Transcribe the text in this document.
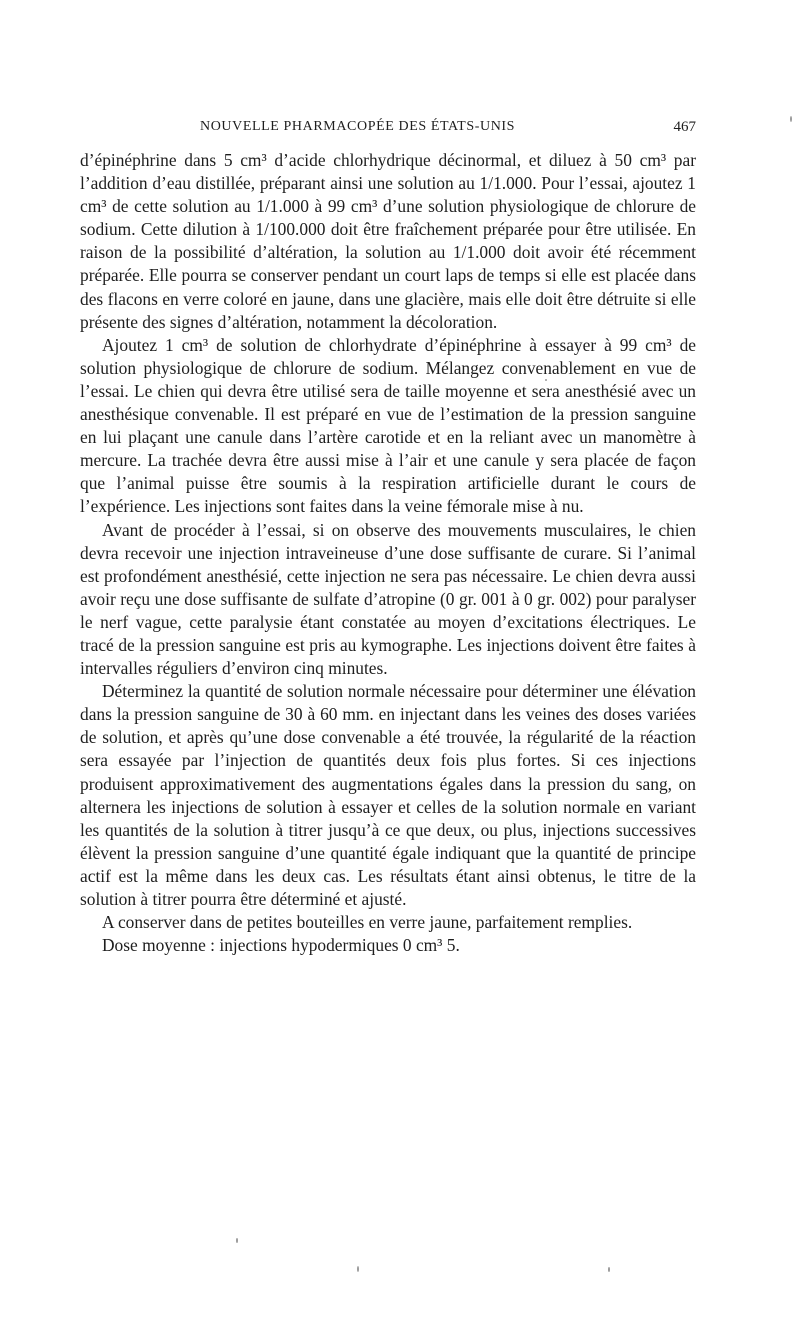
NOUVELLE PHARMACOPÉE DES ÉTATS-UNIS	467

d’épinéphrine dans 5 cm³ d’acide chlorhydrique décinormal, et diluez à 50 cm³ par l’addition d’eau distillée, préparant ainsi une solution au 1/1.000. Pour l’essai, ajoutez 1 cm³ de cette solution au 1/1.000 à 99 cm³ d’une solution physiologique de chlorure de sodium. Cette dilution à 1/100.000 doit être fraîchement préparée pour être utilisée. En raison de la possibilité d’altération, la solution au 1/1.000 doit avoir été récemment préparée. Elle pourra se conserver pendant un court laps de temps si elle est placée dans des flacons en verre coloré en jaune, dans une glacière, mais elle doit être détruite si elle présente des signes d’altération, notamment la décoloration.

Ajoutez 1 cm³ de solution de chlorhydrate d’épinéphrine à essayer à 99 cm³ de solution physiologique de chlorure de sodium. Mélangez convenablement en vue de l’essai. Le chien qui devra être utilisé sera de taille moyenne et sera anesthésié avec un anesthésique convenable. Il est préparé en vue de l’estimation de la pression sanguine en lui plaçant une canule dans l’artère carotide et en la reliant avec un manomètre à mercure. La trachée devra être aussi mise à l’air et une canule y sera placée de façon que l’animal puisse être soumis à la respiration artificielle durant le cours de l’expérience. Les injections sont faites dans la veine fémorale mise à nu.

Avant de procéder à l’essai, si on observe des mouvements musculaires, le chien devra recevoir une injection intraveineuse d’une dose suffisante de curare. Si l’animal est profondément anesthésié, cette injection ne sera pas nécessaire. Le chien devra aussi avoir reçu une dose suffisante de sulfate d’atropine (0 gr. 001 à 0 gr. 002) pour paralyser le nerf vague, cette paralysie étant constatée au moyen d’excitations électriques. Le tracé de la pression sanguine est pris au kymographe. Les injections doivent être faites à intervalles réguliers d’environ cinq minutes.

Déterminez la quantité de solution normale nécessaire pour déterminer une élévation dans la pression sanguine de 30 à 60 mm. en injectant dans les veines des doses variées de solution, et après qu’une dose convenable a été trouvée, la régularité de la réaction sera essayée par l’injection de quantités deux fois plus fortes. Si ces injections produisent approximativement des augmentations égales dans la pression du sang, on alternera les injections de solution à essayer et celles de la solution normale en variant les quantités de la solution à titrer jusqu’à ce que deux, ou plus, injections successives élèvent la pression sanguine d’une quantité égale indiquant que la quantité de principe actif est la même dans les deux cas. Les résultats étant ainsi obtenus, le titre de la solution à titrer pourra être déterminé et ajusté.

A conserver dans de petites bouteilles en verre jaune, parfaitement remplies.

Dose moyenne : injections hypodermiques 0 cm³ 5.
